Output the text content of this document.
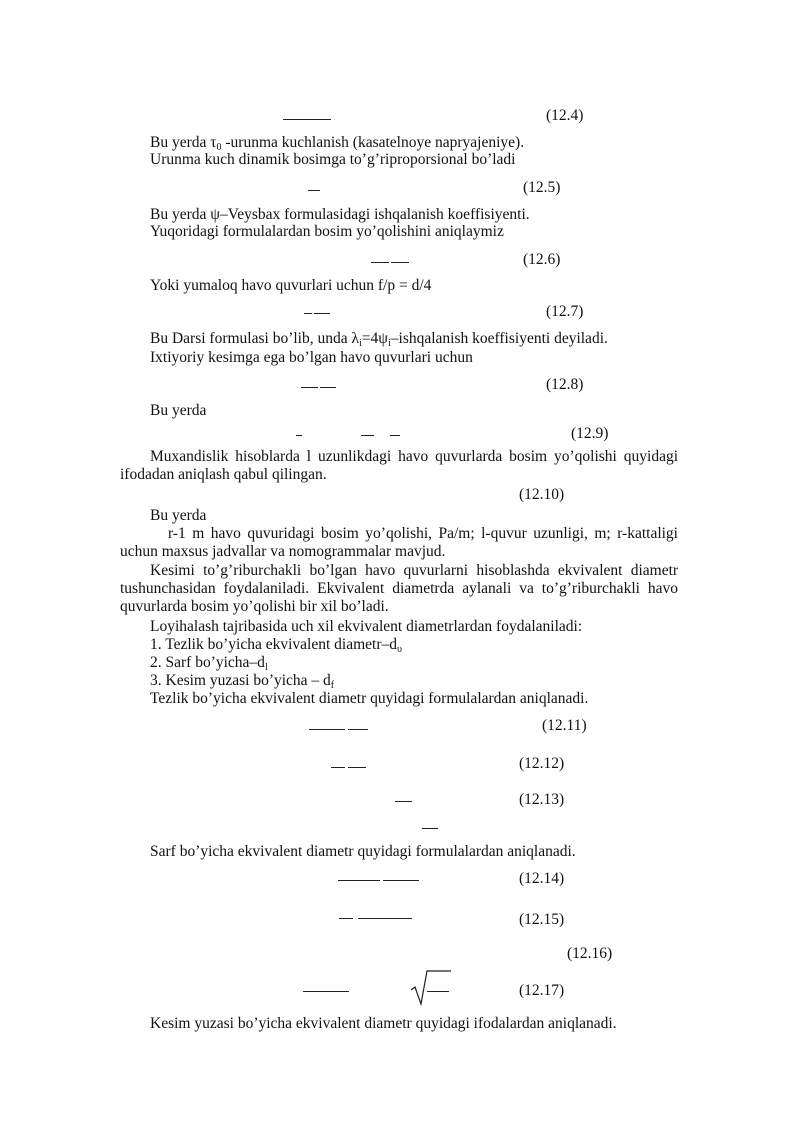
(12.4)
(12.5)
(12.6)
(12.7)
(12.8)
(12.9)
(12.10)
(12.11)
(12.12)
(12.13)
(12.14)
(12.15)
(12.16)
(12.17)
Bu yerda $\tau_0$ -urunma kuchlanish (kasatelnoye napryajeniye).
Urunma kuch dinamik bosimga to’g’riproporsional bo’ladi
Bu yerda ψ–Veysbax formulasidagi ishqalanish koeffisiyenti.
Yuqoridagi formulalardan bosim yo’qolishini aniqlaymiz
Yoki yumaloq havo quvurlari uchun f/p = d/4
Bu Darsi formulasi bo’lib, unda $\lambda_i=4\psi_i$–ishqalanish koeffisiyenti deyiladi.
Ixtiyoriy kesimga ega bo’lgan havo quvurlari uchun
Bu yerda
Muxandislik hisoblarda l uzunlikdagi havo quvurlarda bosim yo’qolishi quyidagi
ifodadan aniqlash qabul qilingan.
Bu yerda
r-1 m havo quvuridagi bosim yo’qolishi, Pa/m; l-quvur uzunligi, m; r-kattaligi
uchun maxsus jadvallar va nomogrammalar mavjud.
Kesimi to’g’riburchakli bo’lgan havo quvurlarni hisoblashda ekvivalent diametr
tushunchasidan foydalaniladi. Ekvivalent diametrda aylanali va to’g’riburchakli havo
quvurlarda bosim yo’qolishi bir xil bo’ladi.
Loyihalash tajribasida uch xil ekvivalent diametrlardan foydalaniladi:
1. Tezlik bo’yicha ekvivalent diametr–$d_\upsilon$
2. Sarf $bo’yicha-d_l$
3. Kesim yuzasi bo’yicha – $d_f$
Tezlik bo’yicha ekvivalent diametr quyidagi formulalardan aniqlanadi.
Sarf bo’yicha ekvivalent diametr quyidagi formulalardan aniqlanadi.
Kesim yuzasi bo’yicha ekvivalent diametr quyidagi ifodalardan aniqlanadi.
